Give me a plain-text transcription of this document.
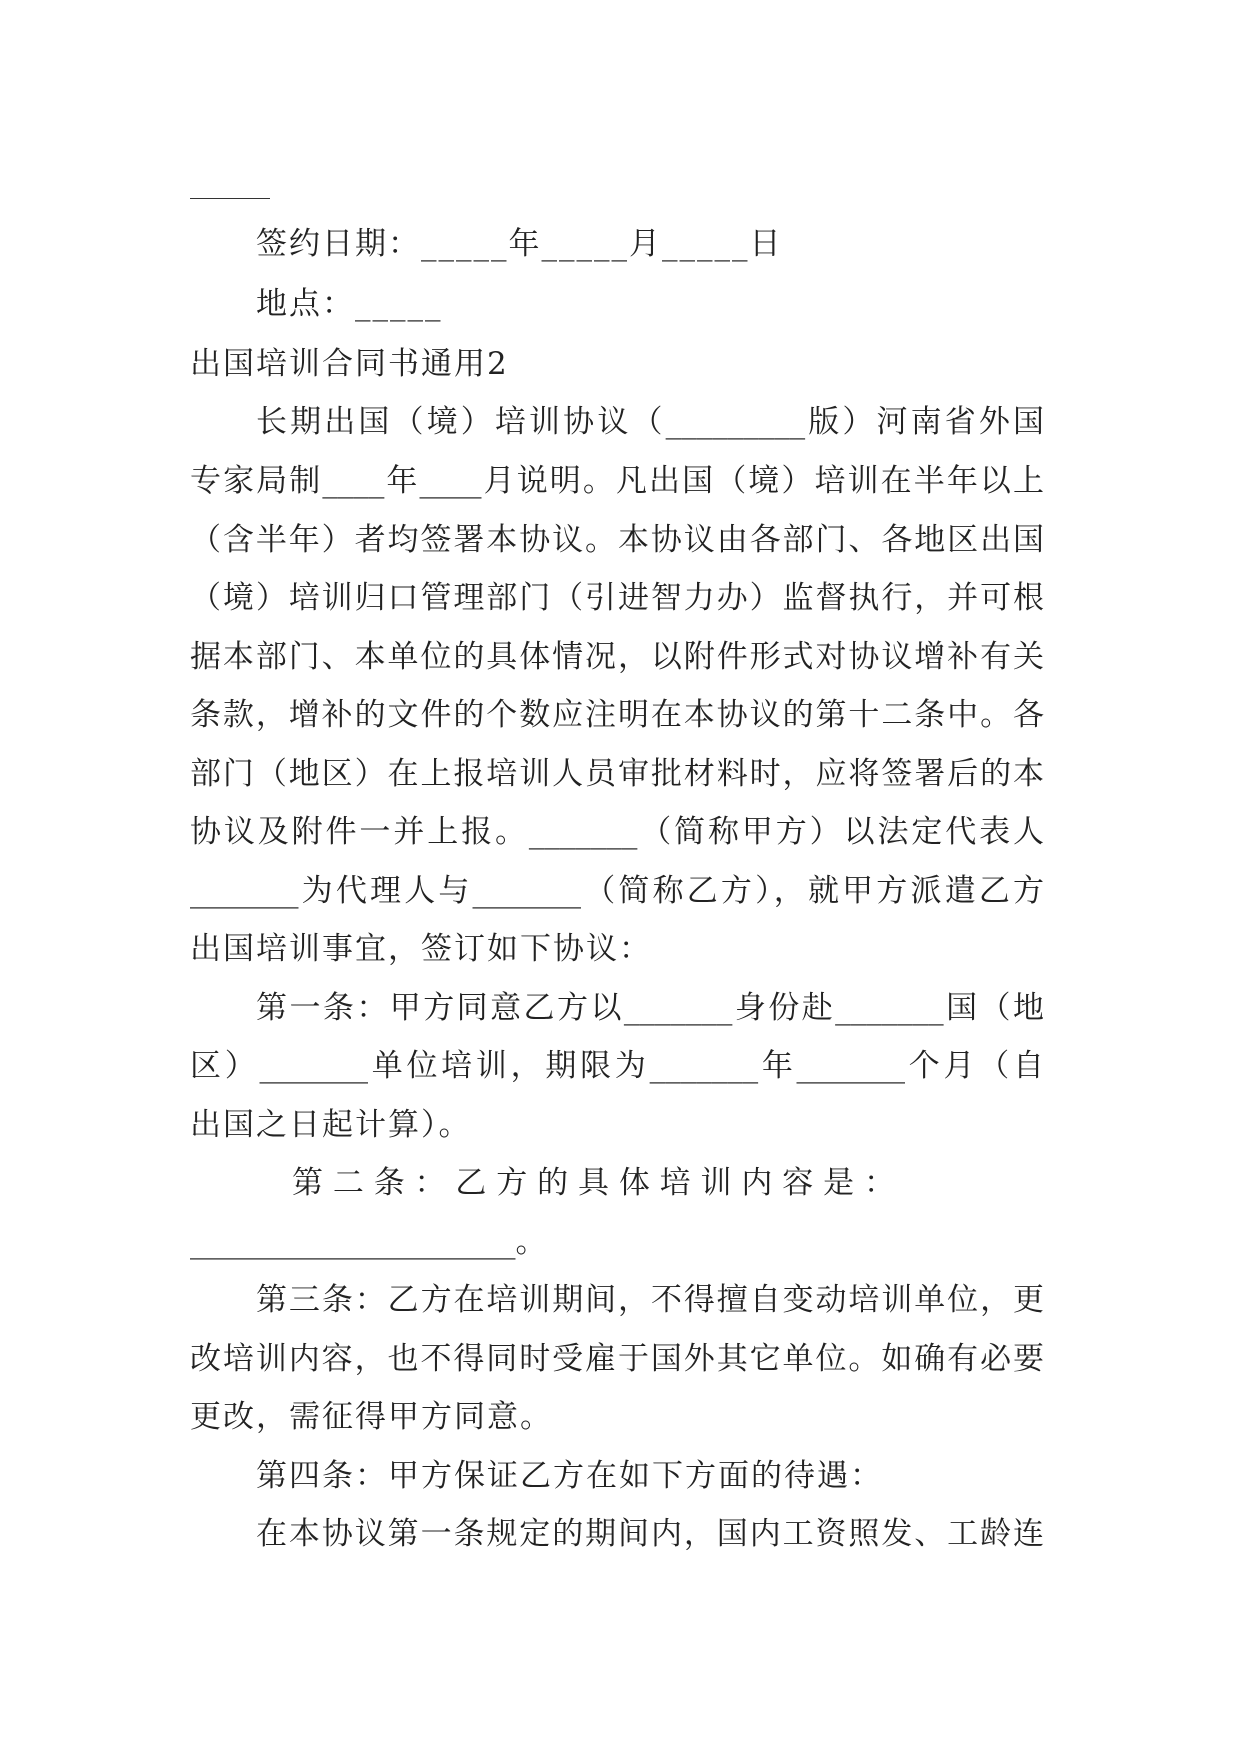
签约日期：_____年_____月_____日
地点：_____
出国培训合同书通用2
长期出国（境）培训协议（_________版）河南省外国
专家局制____年____月说明。凡出国（境）培训在半年以上
（含半年）者均签署本协议。本协议由各部门、各地区出国
（境）培训归口管理部门（引进智力办）监督执行，并可根
据本部门、本单位的具体情况，以附件形式对协议增补有关
条款，增补的文件的个数应注明在本协议的第十二条中。各
部门（地区）在上报培训人员审批材料时，应将签署后的本
协议及附件一并上报。_______（简称甲方）以法定代表人
_______为代理人与_______（简称乙方），就甲方派遣乙方
出国培训事宜，签订如下协议：
第一条：甲方同意乙方以_______身份赴_______国（地
区）_______单位培训，期限为_______年_______个月（自
出国之日起计算）。
第 二 条 ： 乙 方 的 具 体 培 训 内 容 是 ：
_____________________。
第三条：乙方在培训期间，不得擅自变动培训单位，更
改培训内容，也不得同时受雇于国外其它单位。如确有必要
更改，需征得甲方同意。
第四条：甲方保证乙方在如下方面的待遇：
在本协议第一条规定的期间内，国内工资照发、工龄连
